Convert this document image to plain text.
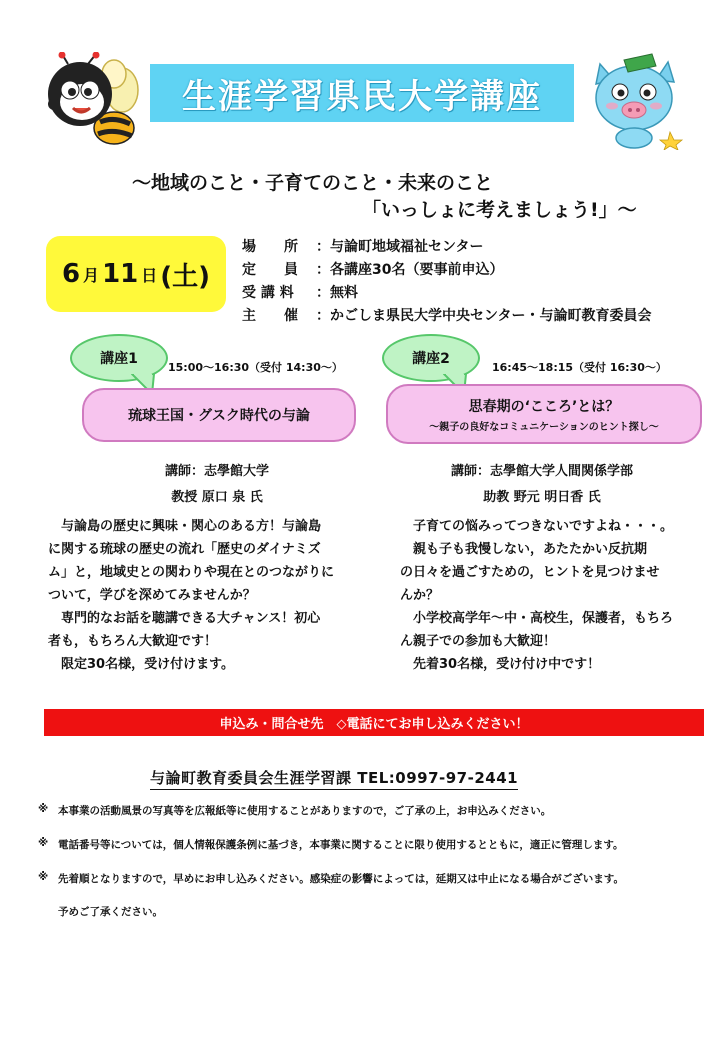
生涯学習県民大学講座
～地域のこと・子育てのこと・未来のこと
「いっしょに考えましょう!」～
6 月 11 日 (土)
場　　所	： 与論町地域福祉センター
定　　員	： 各講座30名（要事前申込）
受 講 料	： 無料
主　　催	： かごしま県民大学中央センター・与論町教育委員会
講座1
15:00～16:30（受付 14:30～）
琉球王国・グスク時代の与論
講師：志學館大学
教授 原口 泉 氏

　与論島の歴史に興味・関心のある方！与論島

に関する琉球の歴史の流れ「歴史のダイナミズ

ム」と，地域史との関わりや現在とのつながりに

ついて，学びを深めてみませんか？

　専門的なお話を聴講できる大チャンス！初心

者も，もちろん大歓迎です！

　限定30名様，受け付けます。

講座2
16:45～18:15（受付 16:30～）
思春期の‘こころ’とは？
～親子の良好なコミュニケーションのヒント探し～
講師：志學館大学人間関係学部
助教 野元 明日香 氏

　子育ての悩みってつきないですよね・・・。

　親も子も我慢しない，あたたかい反抗期

の日々を過ごすための，ヒントを見つけませ

んか？

　小学校高学年～中・高校生，保護者，もちろ

ん親子での参加も大歓迎！

　先着30名様，受け付け中です！

申込み・問合せ先　◇電話にてお申し込みください！
与論町教育委員会生涯学習課 TEL:0997-97-2441
※ 本事業の活動風景の写真等を広報紙等に使用することがありますので，ご了承の上，お申込みください。
※ 電話番号等については，個人情報保護条例に基づき，本事業に関することに限り使用するとともに，適正に管理します。
※ 先着順となりますので，早めにお申し込みください。感染症の影響によっては，延期又は中止になる場合がございます。
予めご了承ください。
